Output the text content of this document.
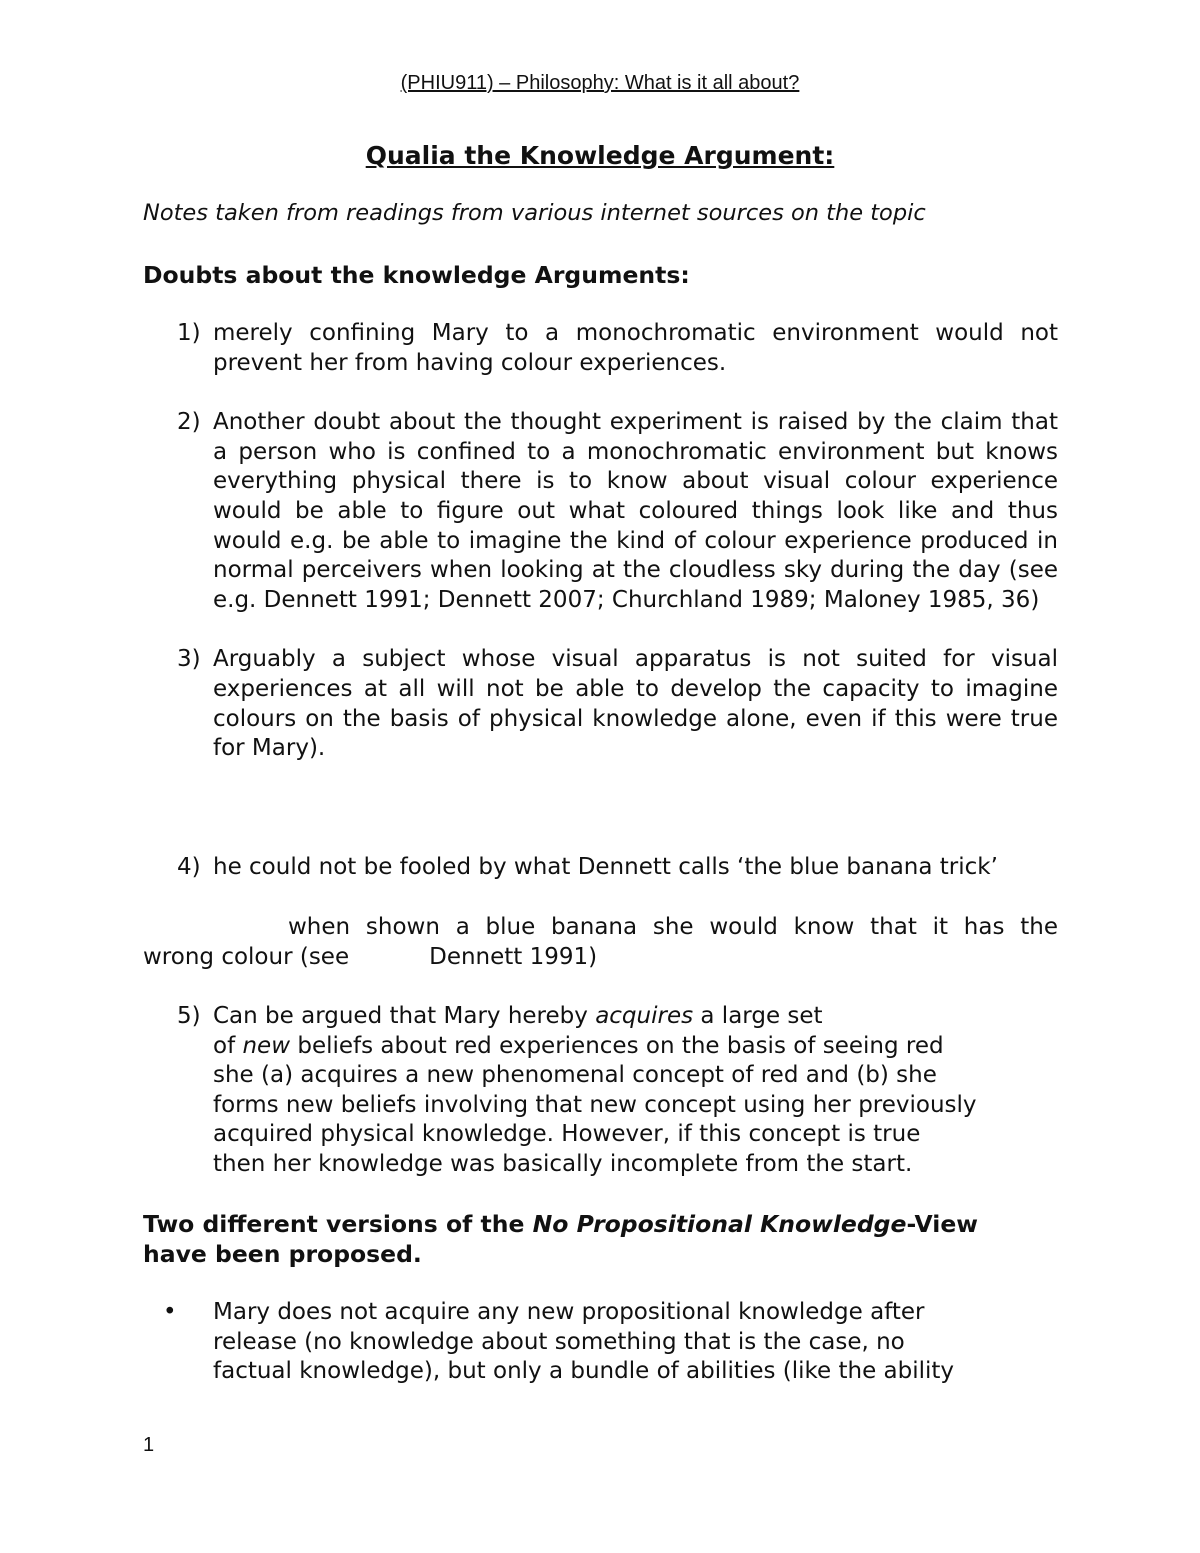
(PHIU911) – Philosophy: What is it all about?
Qualia the Knowledge Argument:
Notes taken from readings from various internet sources on the topic
Doubts about the knowledge Arguments:
1) merely confining Mary to a monochromatic environment would not prevent her from having colour experiences.
2) Another doubt about the thought experiment is raised by the claim that a person who is confined to a monochromatic environment but knows everything physical there is to know about visual colour experience would be able to figure out what coloured things look like and thus would e.g. be able to imagine the kind of colour experience produced in normal perceivers when looking at the cloudless sky during the day (see e.g. Dennett 1991; Dennett 2007; Churchland 1989; Maloney 1985, 36)
3) Arguably a subject whose visual apparatus is not suited for visual experiences at all will not be able to develop the capacity to imagine colours on the basis of physical knowledge alone, even if this were true for Mary).
4) he could not be fooled by what Dennett calls ‘the blue banana trick’
when shown a blue banana she would know that it has the
wrong colour (see	Dennett 1991)
5) Can be argued that Mary hereby acquires a large set
of new beliefs about red experiences on the basis of seeing red
she (a) acquires a new phenomenal concept of red and (b) she
forms new beliefs involving that new concept using her previously
acquired physical knowledge. However, if this concept is true
then her knowledge was basically incomplete from the start.
Two different versions of the No Propositional Knowledge-View
have been proposed.
• Mary does not acquire any new propositional knowledge after
release (no knowledge about something that is the case, no
factual knowledge), but only a bundle of abilities (like the ability
1
